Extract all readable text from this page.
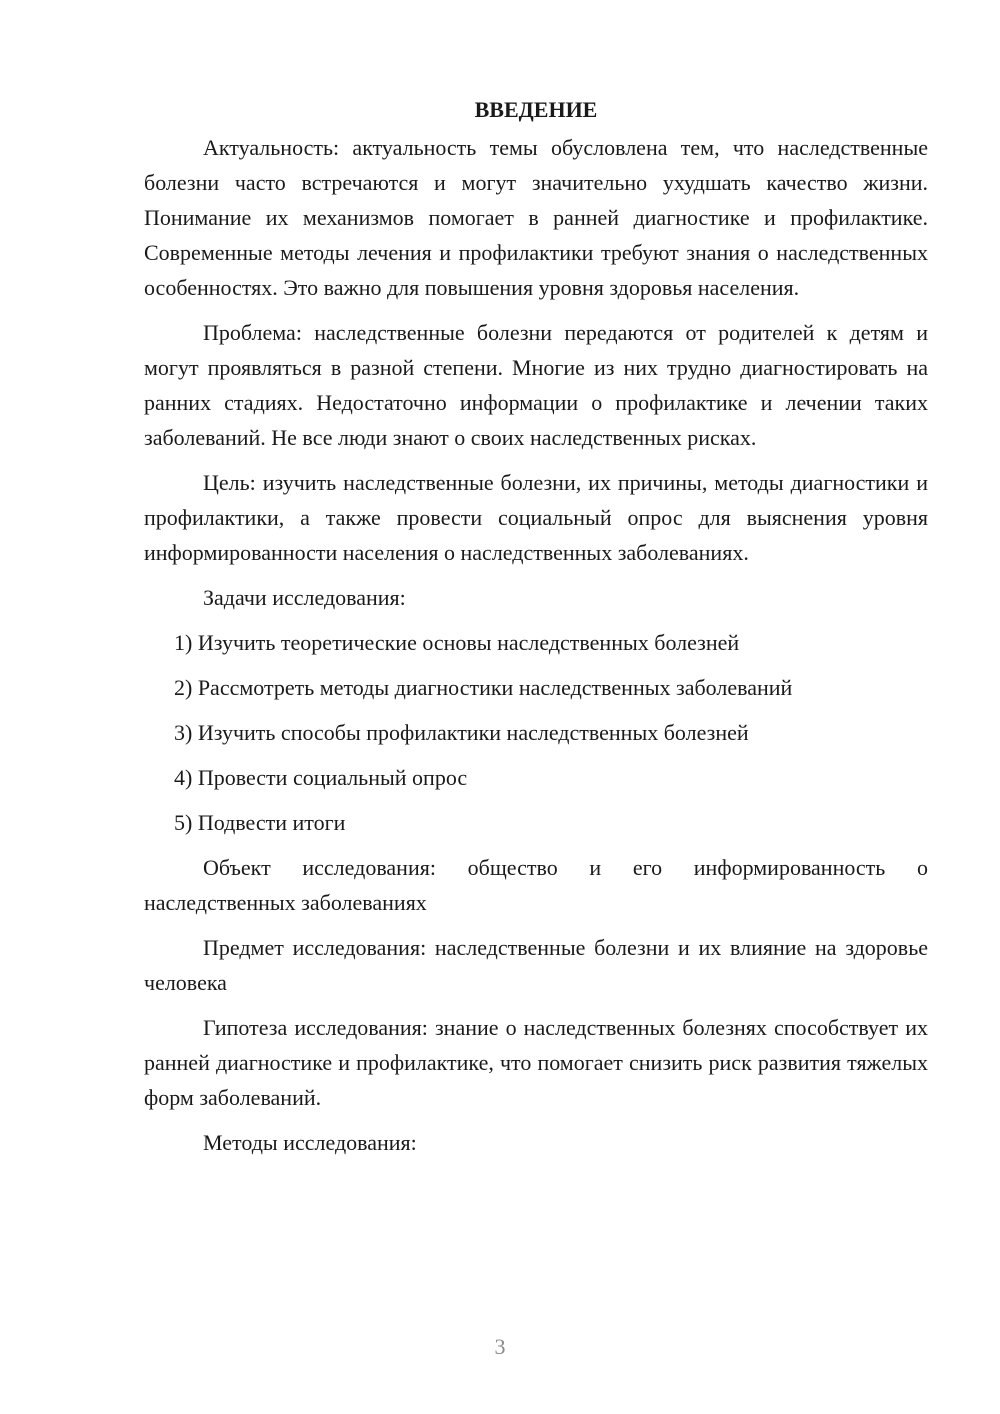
ВВЕДЕНИЕ

Актуальность: актуальность темы обусловлена тем, что наследственные болезни часто встречаются и могут значительно ухудшать качество жизни. Понимание их механизмов помогает в ранней диагностике и профилактике. Современные методы лечения и профилактики требуют знания о наследственных особенностях. Это важно для повышения уровня здоровья населения.

Проблема: наследственные болезни передаются от родителей к детям и могут проявляться в разной степени. Многие из них трудно диагностировать на ранних стадиях. Недостаточно информации о профилактике и лечении таких заболеваний. Не все люди знают о своих наследственных рисках.

Цель: изучить наследственные болезни, их причины, методы диагностики и профилактики, а также провести социальный опрос для выяснения уровня информированности населения о наследственных заболеваниях.

Задачи исследования:

1) Изучить теоретические основы наследственных болезней
2) Рассмотреть методы диагностики наследственных заболеваний
3) Изучить способы профилактики наследственных болезней
4) Провести социальный опрос
5) Подвести итоги

Объект исследования: общество и его информированность о наследственных заболеваниях

Предмет исследования: наследственные болезни и их влияние на здоровье человека

Гипотеза исследования: знание о наследственных болезнях способствует их ранней диагностике и профилактике, что помогает снизить риск развития тяжелых форм заболеваний.

Методы исследования:

3
